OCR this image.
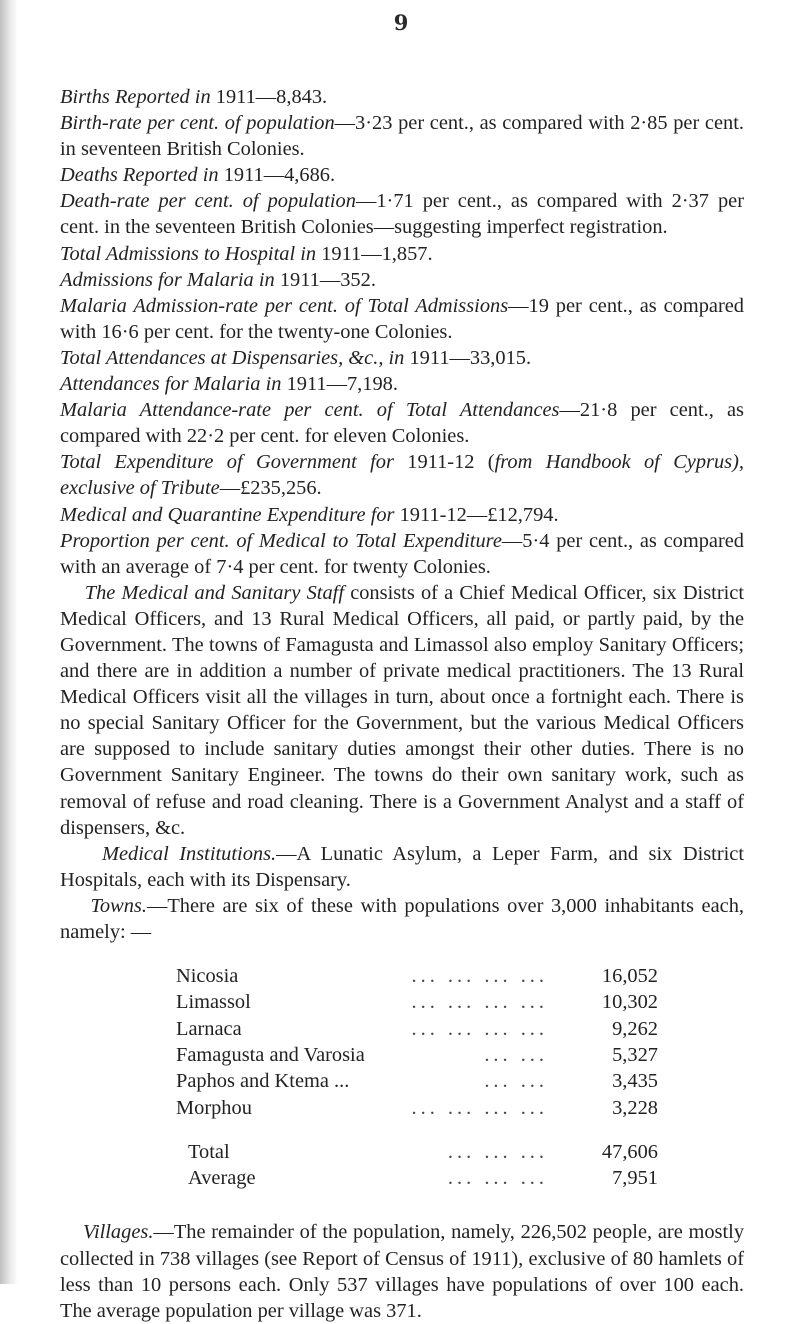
9

Births Reported in 1911—8,843.

Birth-rate per cent. of population—3·23 per cent., as compared with 2·85 per cent. in seventeen British Colonies.

Deaths Reported in 1911—4,686.

Death-rate per cent. of population—1·71 per cent., as compared with 2·37 per cent. in the seventeen British Colonies—suggesting imperfect registration.

Total Admissions to Hospital in 1911—1,857.

Admissions for Malaria in 1911—352.

Malaria Admission-rate per cent. of Total Admissions—19 per cent., as compared with 16·6 per cent. for the twenty-one Colonies.

Total Attendances at Dispensaries, &c., in 1911—33,015.

Attendances for Malaria in 1911—7,198.

Malaria Attendance-rate per cent. of Total Attendances—21·8 per cent., as compared with 22·2 per cent. for eleven Colonies.

Total Expenditure of Government for 1911-12 (from Handbook of Cyprus), exclusive of Tribute—£235,256.

Medical and Quarantine Expenditure for 1911-12—£12,794.

Proportion per cent. of Medical to Total Expenditure—5·4 per cent., as compared with an average of 7·4 per cent. for twenty Colonies.

The Medical and Sanitary Staff consists of a Chief Medical Officer, six District Medical Officers, and 13 Rural Medical Officers, all paid, or partly paid, by the Government. The towns of Famagusta and Limassol also employ Sanitary Officers; and there are in addition a number of private medical practitioners. The 13 Rural Medical Officers visit all the villages in turn, about once a fortnight each. There is no special Sanitary Officer for the Government, but the various Medical Officers are supposed to include sanitary duties amongst their other duties. There is no Government Sanitary Engineer. The towns do their own sanitary work, such as removal of refuse and road cleaning. There is a Government Analyst and a staff of dispensers, &c.

Medical Institutions.—A Lunatic Asylum, a Leper Farm, and six District Hospitals, each with its Dispensary.

Towns.—There are six of these with populations over 3,000 inhabitants each, namely: —

Nicosia	... ... ... ...	16,052
Limassol	... ... ... ...	10,302
Larnaca	... ... ... ...	9,262
Famagusta and Varosia	... ...	5,327
Paphos and Ktema ...	... ...	3,435
Morphou	... ... ... ...	3,228
Total	... ... ...	47,606
Average	... ... ...	7,951

Villages.—The remainder of the population, namely, 226,502 people, are mostly collected in 738 villages (see Report of Census of 1911), exclusive of 80 hamlets of less than 10 persons each. Only 537 villages have populations of over 100 each. The average population per village was 371.
